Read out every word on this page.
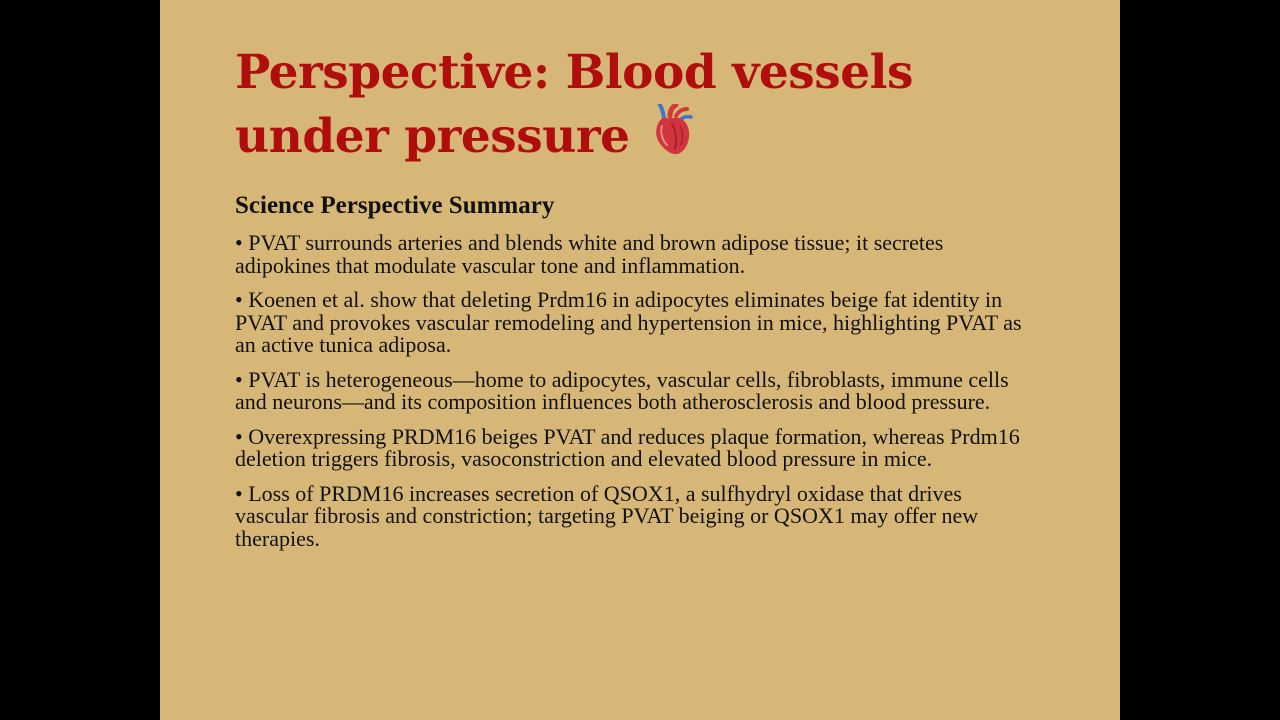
Perspective: Blood vessels under pressure
Science Perspective Summary

• PVAT surrounds arteries and blends white and brown adipose tissue; it secretes adipokines that modulate vascular tone and inflammation.

• Koenen et al. show that deleting Prdm16 in adipocytes eliminates beige fat identity in PVAT and provokes vascular remodeling and hypertension in mice, highlighting PVAT as an active tunica adiposa.

• PVAT is heterogeneous—home to adipocytes, vascular cells, fibroblasts, immune cells and neurons—and its composition influences both atherosclerosis and blood pressure.

• Overexpressing PRDM16 beiges PVAT and reduces plaque formation, whereas Prdm16 deletion triggers fibrosis, vasoconstriction and elevated blood pressure in mice.

• Loss of PRDM16 increases secretion of QSOX1, a sulfhydryl oxidase that drives vascular fibrosis and constriction; targeting PVAT beiging or QSOX1 may offer new therapies.
